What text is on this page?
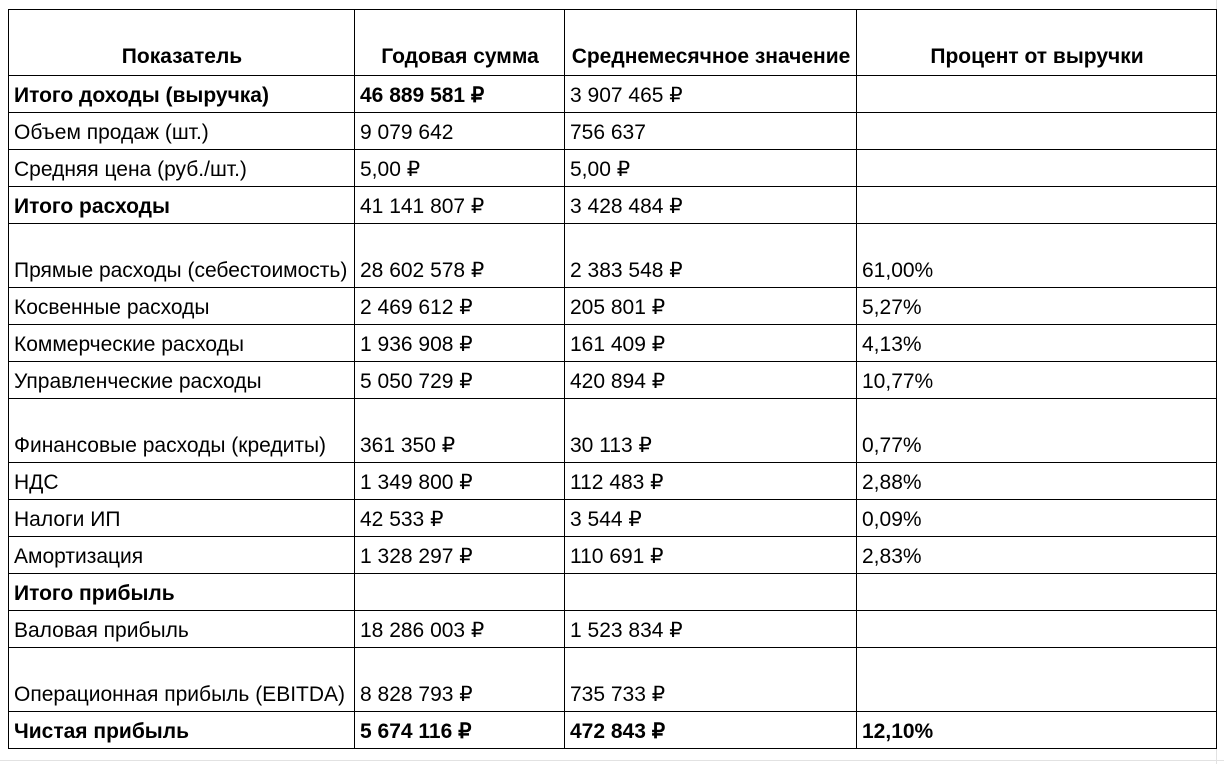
Показатель	Годовая сумма	Среднемесячное значение	Процент от выручки
Итого доходы (выручка)	46 889 581 ₽	3 907 465 ₽	
Объем продаж (шт.)	9 079 642	756 637	
Средняя цена (руб./шт.)	5,00 ₽	5,00 ₽	
Итого расходы	41 141 807 ₽	3 428 484 ₽	
Прямые расходы (себестоимость)	28 602 578 ₽	2 383 548 ₽	61,00%
Косвенные расходы	2 469 612 ₽	205 801 ₽	5,27%
Коммерческие расходы	1 936 908 ₽	161 409 ₽	4,13%
Управленческие расходы	5 050 729 ₽	420 894 ₽	10,77%
Финансовые расходы (кредиты)	361 350 ₽	30 113 ₽	0,77%
НДС	1 349 800 ₽	112 483 ₽	2,88%
Налоги ИП	42 533 ₽	3 544 ₽	0,09%
Амортизация	1 328 297 ₽	110 691 ₽	2,83%
Итого прибыль			
Валовая прибыль	18 286 003 ₽	1 523 834 ₽	
Операционная прибыль (EBITDA)	8 828 793 ₽	735 733 ₽	
Чистая прибыль	5 674 116 ₽	472 843 ₽	12,10%
